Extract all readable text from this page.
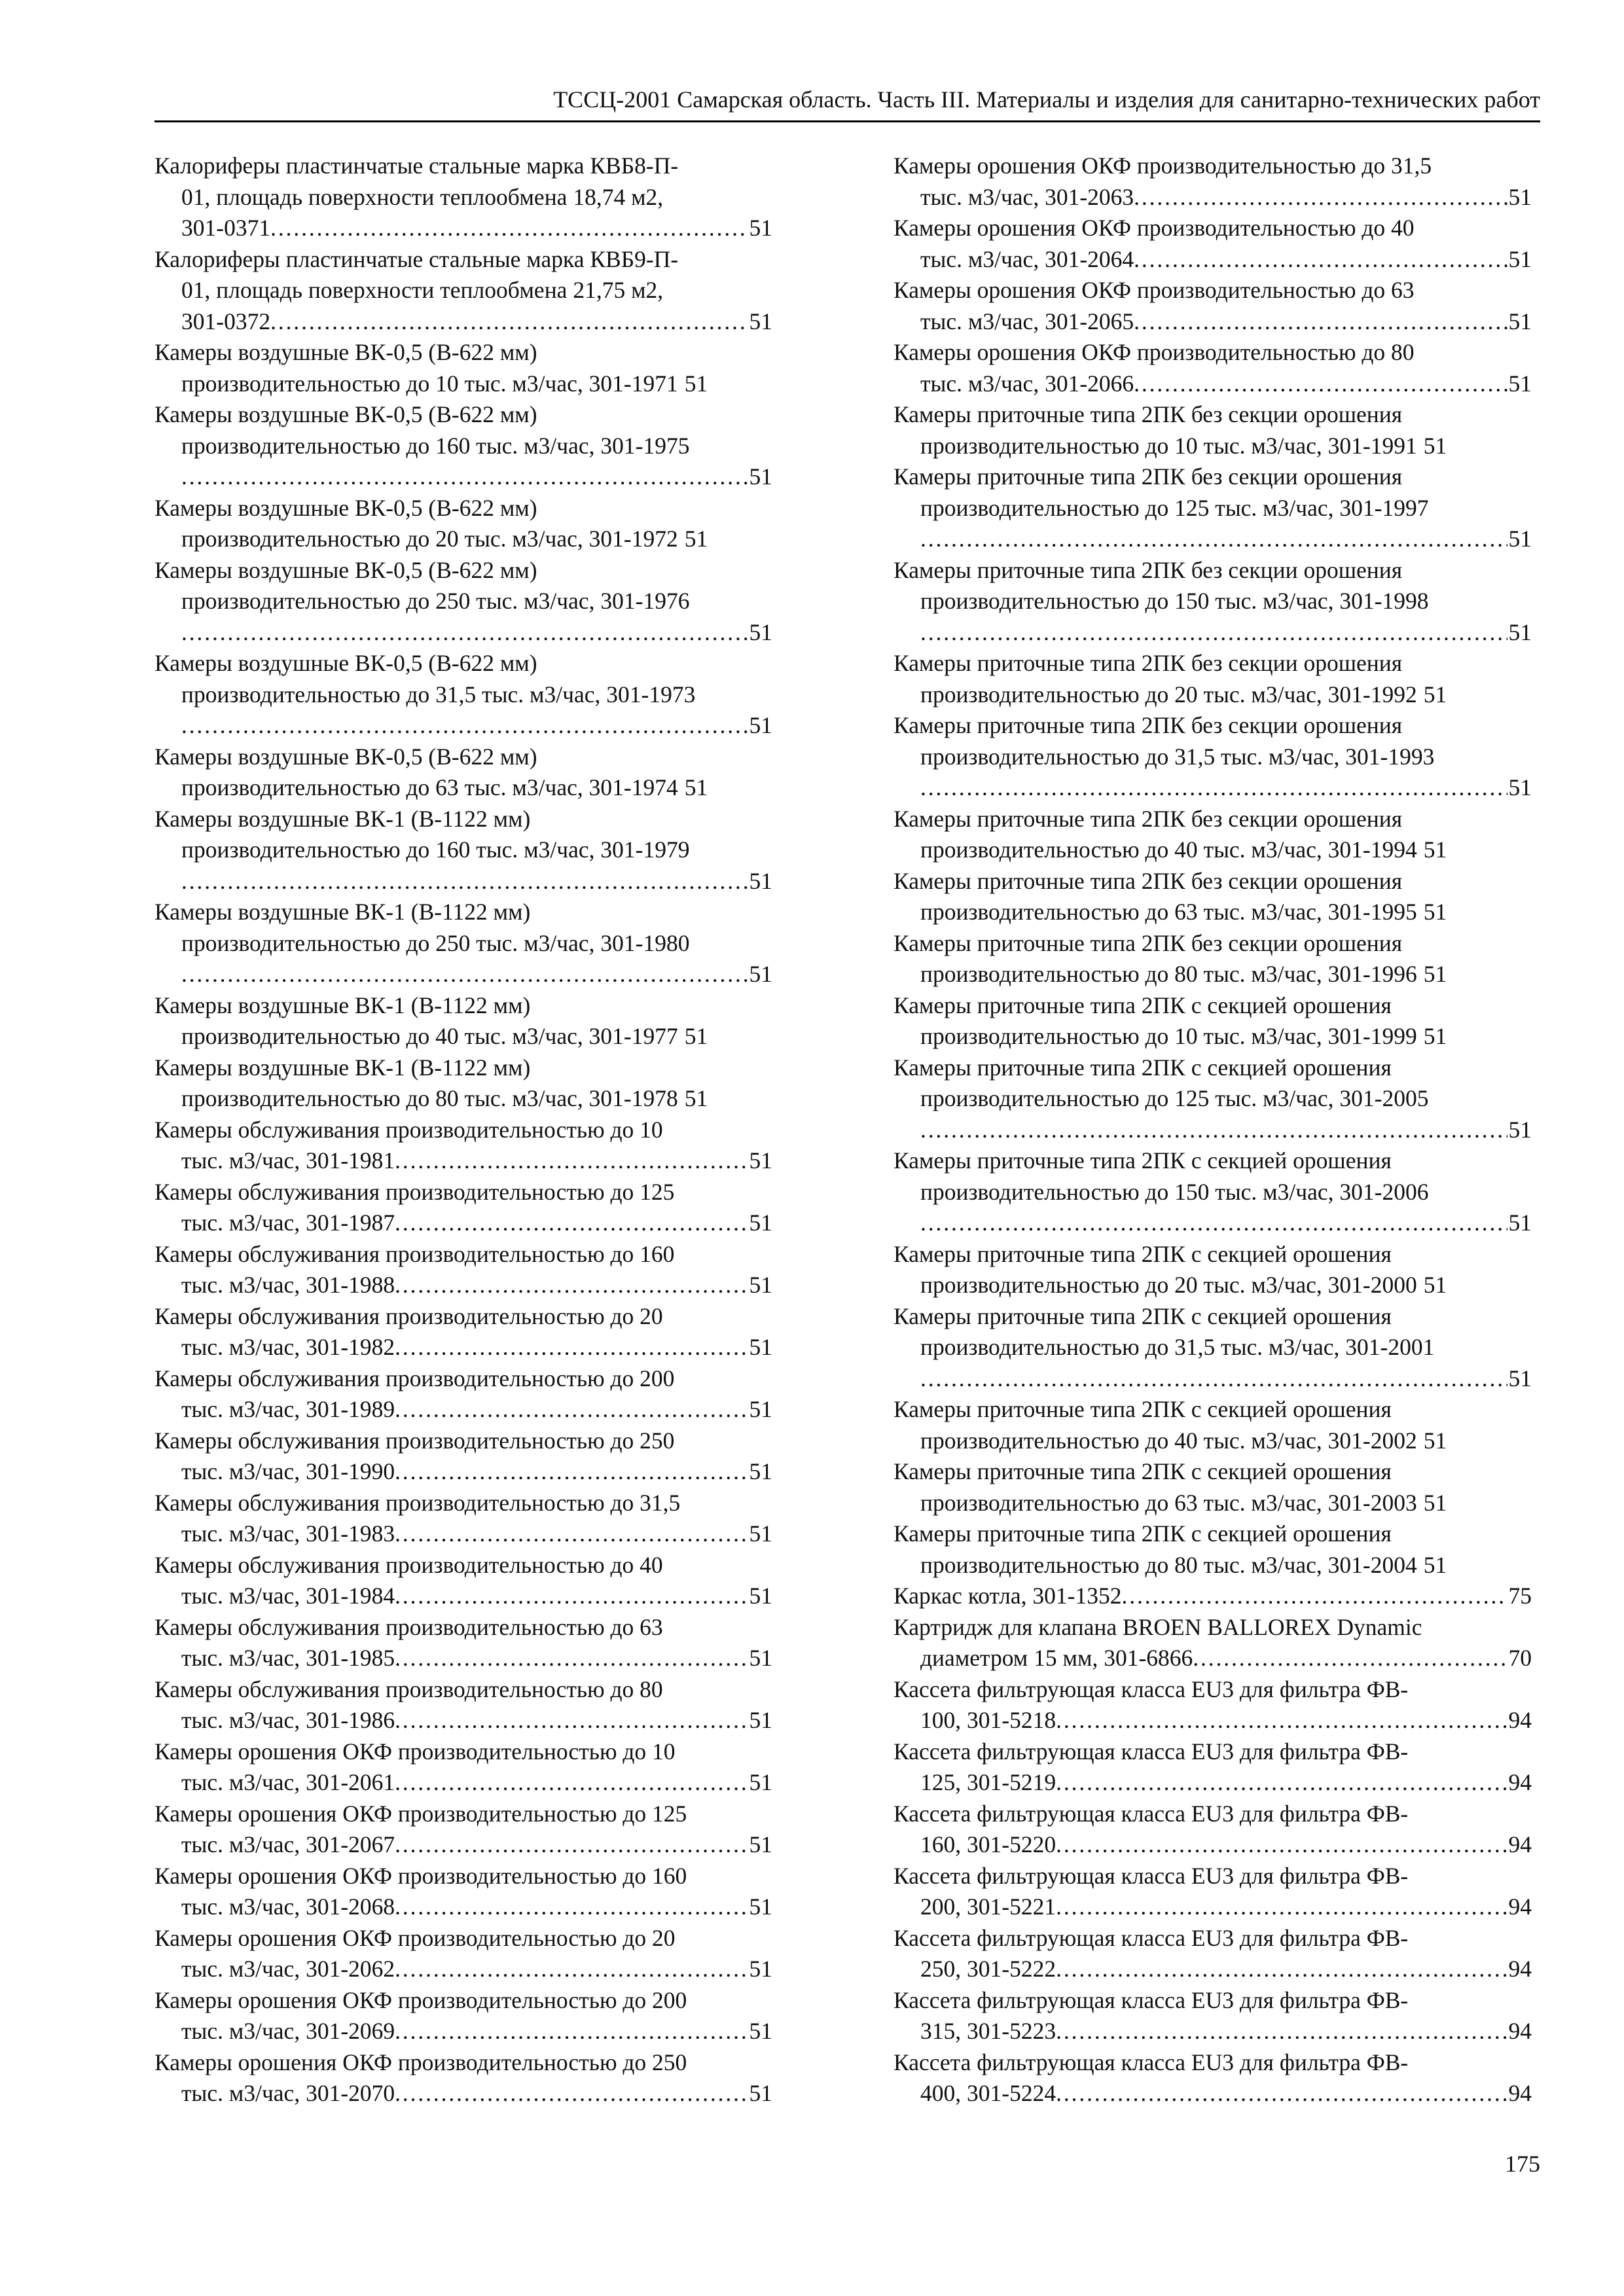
ТССЦ-2001 Самарская область. Часть III. Материалы и изделия для санитарно-технических работ
Калориферы пластинчатые стальные марка КВБ8-П-
01, площадь поверхности теплообмена 18,74 м2,
301-0371 . . .	51
Калориферы пластинчатые стальные марка КВБ9-П-
01, площадь поверхности теплообмена 21,75 м2,
301-0372 . . .	51
Камеры воздушные ВК-0,5 (В-622 мм)
производительностью до 10 тыс. м3/час, 301-1971 51
Камеры воздушные ВК-0,5 (В-622 мм)
производительностью до 160 тыс. м3/час, 301-1975
. . .
51
Камеры воздушные ВК-0,5 (В-622 мм)
производительностью до 20 тыс. м3/час, 301-1972 51
Камеры воздушные ВК-0,5 (В-622 мм)
производительностью до 250 тыс. м3/час, 301-1976
. . .
51
Камеры воздушные ВК-0,5 (В-622 мм)
производительностью до 31,5 тыс. м3/час, 301-1973
. . .
51
Камеры воздушные ВК-0,5 (В-622 мм)
производительностью до 63 тыс. м3/час, 301-1974 51
Камеры воздушные ВК-1 (В-1122 мм)
производительностью до 160 тыс. м3/час, 301-1979
. . .
51
Камеры воздушные ВК-1 (В-1122 мм)
производительностью до 250 тыс. м3/час, 301-1980
. . .
51
Камеры воздушные ВК-1 (В-1122 мм)
производительностью до 40 тыс. м3/час, 301-1977 51
Камеры воздушные ВК-1 (В-1122 мм)
производительностью до 80 тыс. м3/час, 301-1978 51
Камеры обслуживания производительностью до 10
тыс. м3/час, 301-1981 . . .	51
Камеры обслуживания производительностью до 125
тыс. м3/час, 301-1987 . . .	51
Камеры обслуживания производительностью до 160
тыс. м3/час, 301-1988 . . .	51
Камеры обслуживания производительностью до 20
тыс. м3/час, 301-1982 . . .	51
Камеры обслуживания производительностью до 200
тыс. м3/час, 301-1989 . . .	51
Камеры обслуживания производительностью до 250
тыс. м3/час, 301-1990 . . .	51
Камеры обслуживания производительностью до 31,5
тыс. м3/час, 301-1983 . . .	51
Камеры обслуживания производительностью до 40
тыс. м3/час, 301-1984 . . .	51
Камеры обслуживания производительностью до 63
тыс. м3/час, 301-1985 . . .	51
Камеры обслуживания производительностью до 80
тыс. м3/час, 301-1986 . . .	51
Камеры орошения ОКФ производительностью до 10
тыс. м3/час, 301-2061 . . .	51
Камеры орошения ОКФ производительностью до 125
тыс. м3/час, 301-2067 . . .	51
Камеры орошения ОКФ производительностью до 160
тыс. м3/час, 301-2068 . . .	51
Камеры орошения ОКФ производительностью до 20
тыс. м3/час, 301-2062 . . .	51
Камеры орошения ОКФ производительностью до 200
тыс. м3/час, 301-2069 . . .	51
Камеры орошения ОКФ производительностью до 250
тыс. м3/час, 301-2070 . . .	51
Камеры орошения ОКФ производительностью до 31,5
тыс. м3/час, 301-2063 . . .	51
Камеры орошения ОКФ производительностью до 40
тыс. м3/час, 301-2064 . . .	51
Камеры орошения ОКФ производительностью до 63
тыс. м3/час, 301-2065 . . .	51
Камеры орошения ОКФ производительностью до 80
тыс. м3/час, 301-2066 . . .	51
Камеры приточные типа 2ПК без секции орошения
производительностью до 10 тыс. м3/час, 301-1991 51
Камеры приточные типа 2ПК без секции орошения
производительностью до 125 тыс. м3/час, 301-1997
. . .
51
Камеры приточные типа 2ПК без секции орошения
производительностью до 150 тыс. м3/час, 301-1998
. . .
51
Камеры приточные типа 2ПК без секции орошения
производительностью до 20 тыс. м3/час, 301-1992 51
Камеры приточные типа 2ПК без секции орошения
производительностью до 31,5 тыс. м3/час, 301-1993
. . .
51
Камеры приточные типа 2ПК без секции орошения
производительностью до 40 тыс. м3/час, 301-1994 51
Камеры приточные типа 2ПК без секции орошения
производительностью до 63 тыс. м3/час, 301-1995 51
Камеры приточные типа 2ПК без секции орошения
производительностью до 80 тыс. м3/час, 301-1996 51
Камеры приточные типа 2ПК с секцией орошения
производительностью до 10 тыс. м3/час, 301-1999 51
Камеры приточные типа 2ПК с секцией орошения
производительностью до 125 тыс. м3/час, 301-2005
. . .
51
Камеры приточные типа 2ПК с секцией орошения
производительностью до 150 тыс. м3/час, 301-2006
. . .
51
Камеры приточные типа 2ПК с секцией орошения
производительностью до 20 тыс. м3/час, 301-2000 51
Камеры приточные типа 2ПК с секцией орошения
производительностью до 31,5 тыс. м3/час, 301-2001
. . .
51
Камеры приточные типа 2ПК с секцией орошения
производительностью до 40 тыс. м3/час, 301-2002 51
Камеры приточные типа 2ПК с секцией орошения
производительностью до 63 тыс. м3/час, 301-2003 51
Камеры приточные типа 2ПК с секцией орошения
производительностью до 80 тыс. м3/час, 301-2004 51
Каркас котла, 301-1352 . . .	75
Картридж для клапана BROEN BALLOREX Dynamic
диаметром 15 мм, 301-6866 . . .	70
Кассета фильтрующая класса EU3 для фильтра ФВ-
100, 301-5218 . . .	94
Кассета фильтрующая класса EU3 для фильтра ФВ-
125, 301-5219 . . .	94
Кассета фильтрующая класса EU3 для фильтра ФВ-
160, 301-5220 . . .	94
Кассета фильтрующая класса EU3 для фильтра ФВ-
200, 301-5221 . . .	94
Кассета фильтрующая класса EU3 для фильтра ФВ-
250, 301-5222 . . .	94
Кассета фильтрующая класса EU3 для фильтра ФВ-
315, 301-5223 . . .	94
Кассета фильтрующая класса EU3 для фильтра ФВ-
400, 301-5224 . . .	94
175
